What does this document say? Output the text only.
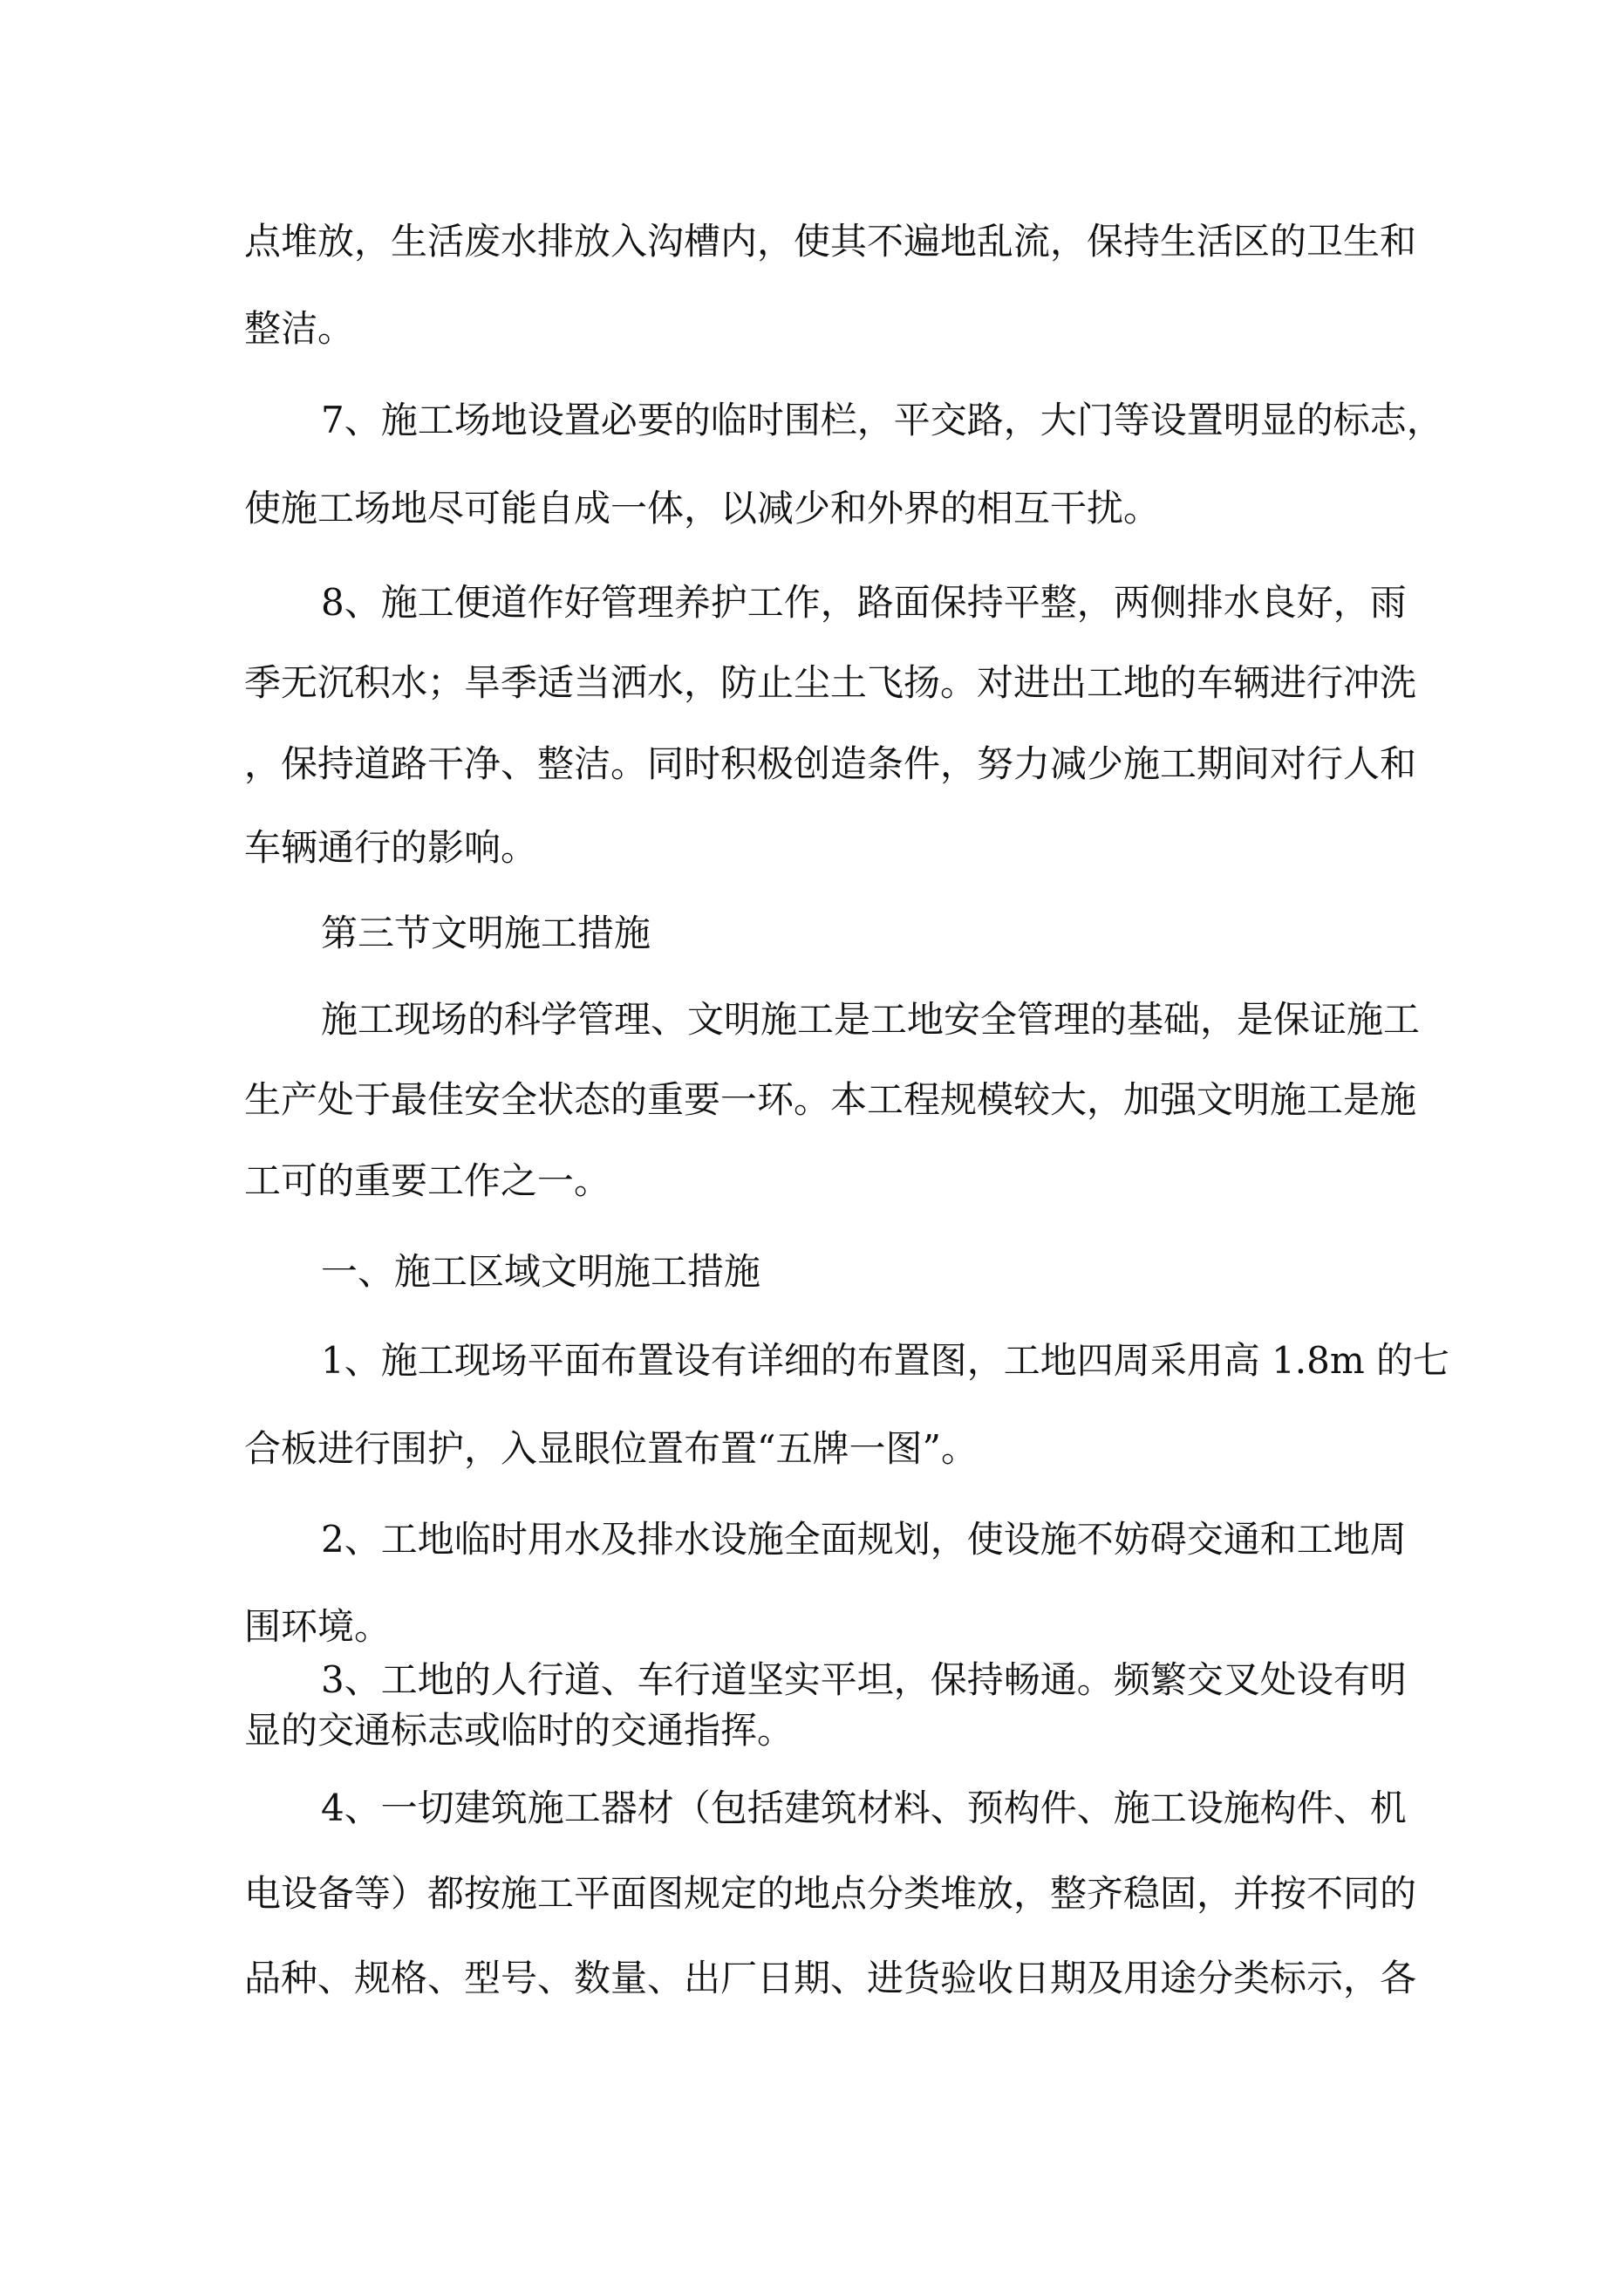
点堆放，生活废水排放入沟槽内，使其不遍地乱流，保持生活区的卫生和
整洁。
7、施工场地设置必要的临时围栏，平交路，大门等设置明显的标志，
使施工场地尽可能自成一体，以减少和外界的相互干扰。
8、施工便道作好管理养护工作，路面保持平整，两侧排水良好，雨
季无沉积水；旱季适当洒水，防止尘土飞扬。对进出工地的车辆进行冲洗
，保持道路干净、整洁。同时积极创造条件，努力减少施工期间对行人和
车辆通行的影响。
第三节文明施工措施
施工现场的科学管理、文明施工是工地安全管理的基础，是保证施工
生产处于最佳安全状态的重要一环。本工程规模较大，加强文明施工是施
工可的重要工作之一。
一、施工区域文明施工措施
1、施工现场平面布置设有详细的布置图，工地四周采用高 1.8m 的七
合板进行围护，入显眼位置布置“五牌一图”。
2、工地临时用水及排水设施全面规划，使设施不妨碍交通和工地周
围环境。
3、工地的人行道、车行道坚实平坦，保持畅通。频繁交叉处设有明
显的交通标志或临时的交通指挥。
4、一切建筑施工器材（包括建筑材料、预构件、施工设施构件、机
电设备等）都按施工平面图规定的地点分类堆放，整齐稳固，并按不同的
品种、规格、型号、数量、出厂日期、进货验收日期及用途分类标示，各
